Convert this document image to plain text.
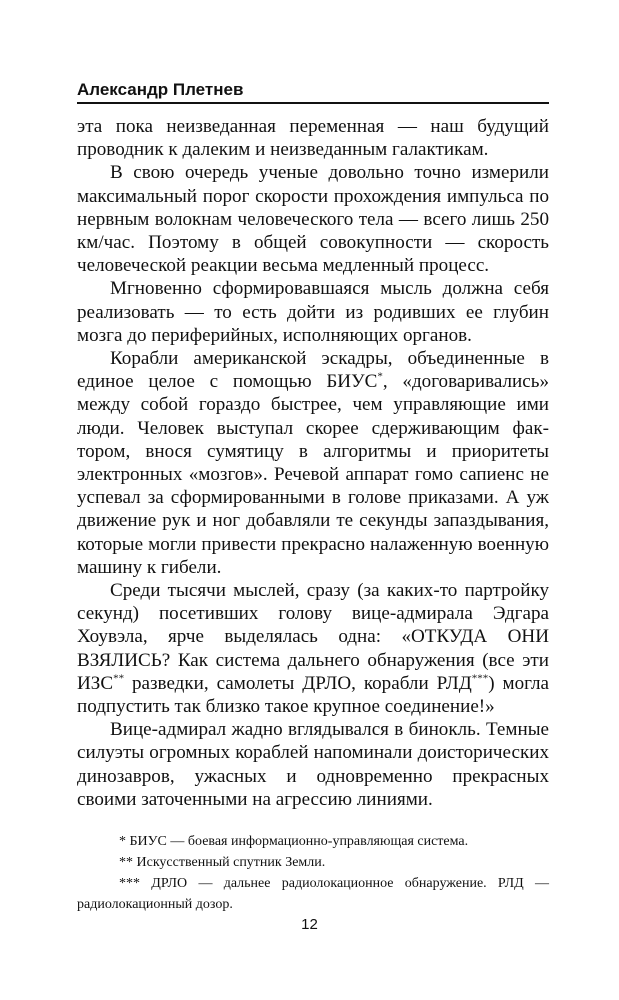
Александр Плетнев

эта пока неизведанная переменная — наш будущий проводник к далеким и неизведанным галактикам.

В свою очередь ученые довольно точно измерили максимальный порог скорости прохождения импульса по нервным волокнам человеческого тела — всего лишь 250 км/час. Поэтому в общей совокупности — скорость человеческой реакции весьма медленный процесс.

Мгновенно сформировавшаяся мысль должна себя реализовать — то есть дойти из родивших ее глубин мозга до периферийных, исполняющих органов.

Корабли американской эскадры, объединенные в единое целое с помощью БИУС*, «договаривались» между собой гораздо быстрее, чем управляющие ими люди. Человек выступал скорее сдерживающим фактором, внося сумятицу в алгоритмы и приоритеты электронных «мозгов». Речевой аппарат гомо сапиенс не успевал за сформированными в голове приказами. А уж движение рук и ног добавляли те секунды запаздывания, которые могли привести прекрасно налаженную военную машину к гибели.

Среди тысячи мыслей, сразу (за каких-то партройку секунд) посетивших голову вице-адмирала Эдгара Хоувэла, ярче выделялась одна: «ОТКУДА ОНИ ВЗЯЛИСЬ? Как система дальнего обнаружения (все эти ИЗС** разведки, самолеты ДРЛО, корабли РЛД***) могла подпустить так близко такое крупное соединение!»

Вице-адмирал жадно вглядывался в бинокль. Темные силуэты огромных кораблей напоминали доисторических динозавров, ужасных и одновременно прекрасных своими заточенными на агрессию линиями.

* БИУС — боевая информационно-управляющая система.

** Искусственный спутник Земли.

*** ДРЛО — дальнее радиолокационное обнаружение. РЛД — радиолокационный дозор.

12
